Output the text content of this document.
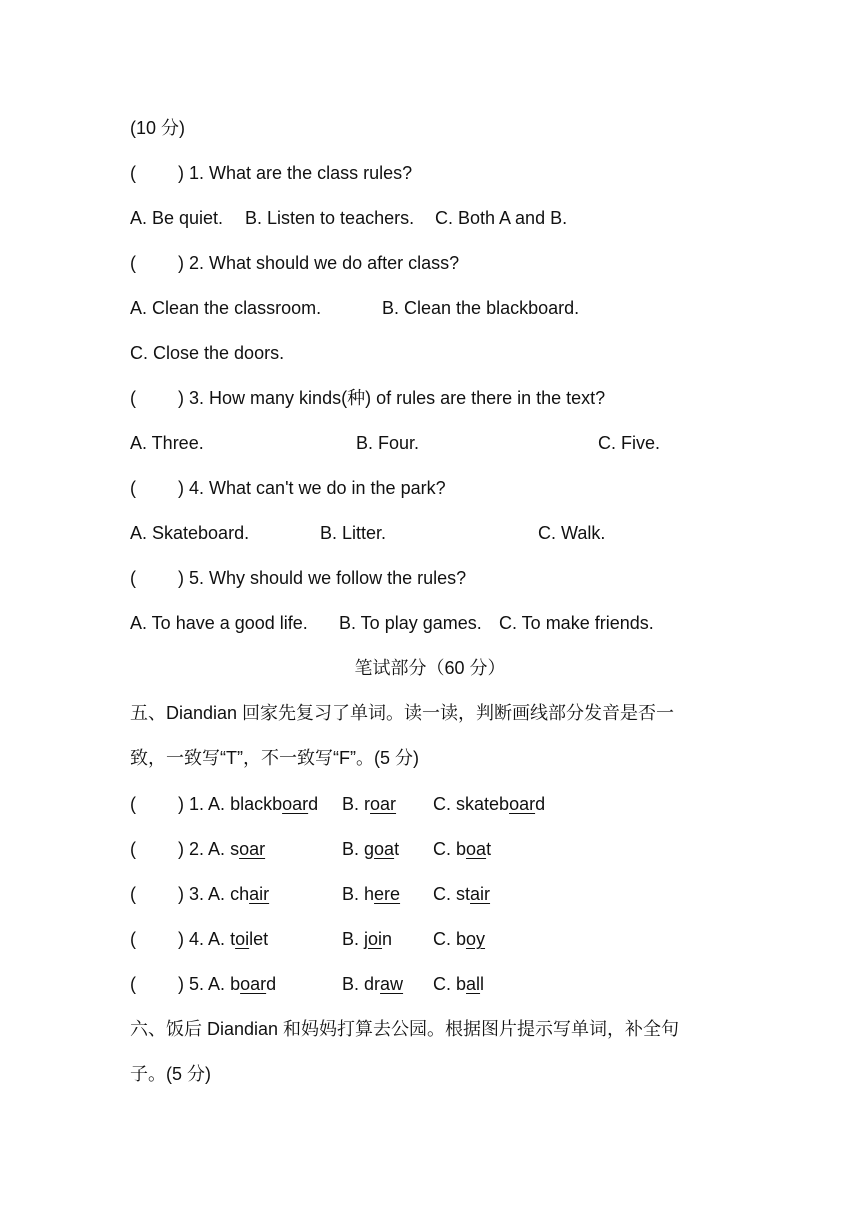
(10 分)
( ) 1. What are the class rules?
A. Be quiet. B. Listen to teachers. C. Both A and B.
( ) 2. What should we do after class?
A. Clean the classroom.	B. Clean the blackboard.
C. Close the doors.
( ) 3. How many kinds(种) of rules are there in the text?
A. Three.	B. Four.	C. Five.
( ) 4. What can't we do in the park?
A. Skateboard.	B. Litter.	C. Walk.
( ) 5. Why should we follow the rules?
A. To have a good life. B. To play games. C. To make friends.
笔试部分（60 分）
五、Diandian 回家先复习了单词。读一读，判断画线部分发音是否一
致，一致写“T”，不一致写“F”。(5 分)
( ) 1. A. blackboard B. roar C. skateboard
( ) 2. A. soar	B. goat C. boat
( ) 3. A. chair	B. here C. stair
( ) 4. A. toilet	B. join C. boy
( ) 5. A. board	B. draw C. ball
六、饭后 Diandian 和妈妈打算去公园。根据图片提示写单词，补全句
子。(5 分)
